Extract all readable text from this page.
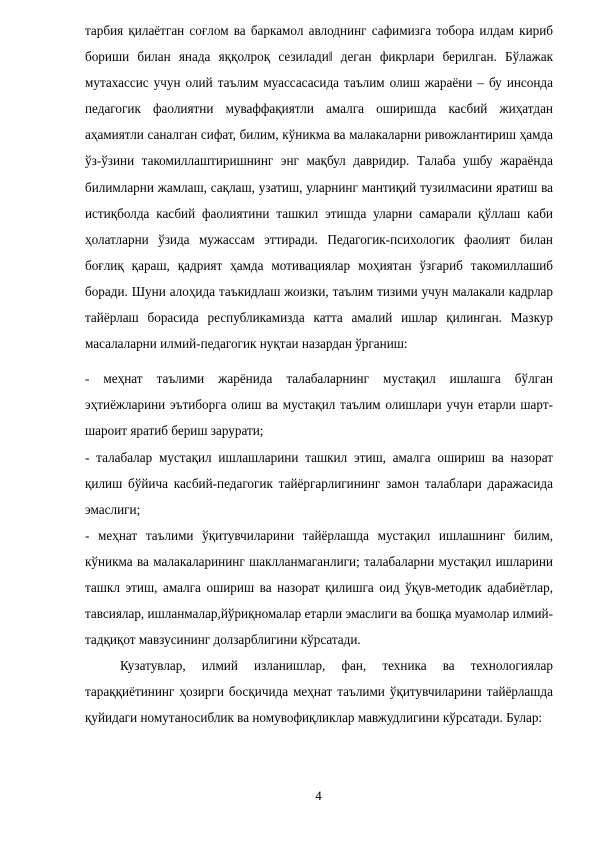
тарбия қилаётган соғлом ва баркамол авлоднинг сафимизга тобора илдам кириб бориши билан янада яққолроқ сезилади‖ деган фикрлари берилган. Бўлажак мутахассис учун олий таълим муассасасида таълим олиш жараёни – бу инсонда педагогик фаолиятни муваффақиятли амалга оширишда касбий жиҳатдан аҳамиятли саналган сифат, билим, кўникма ва малакаларни ривожлантириш ҳамда ўз-ўзини такомиллаштиришнинг энг мақбул давридир. Талаба ушбу жараёнда билимларни жамлаш, сақлаш, узатиш, уларнинг мантиқий тузилмасини яратиш ва истиқболда касбий фаолиятини ташкил этишда уларни самарали қўллаш каби ҳолатларни ўзида мужассам эттиради. Педагогик-психологик фаолият билан боғлиқ қараш, қадрият ҳамда мотивациялар моҳиятан ўзгариб такомиллашиб боради. Шуни алоҳида таъкидлаш жоизки, таълим тизими учун малакали кадрлар тайёрлаш борасида республикамизда катта амалий ишлар қилинган. Мазкур масалаларни илмий-педагогик нуқтаи назардан ўрганиш:

- меҳнат таълими жарёнида талабаларнинг мустақил ишлашга бўлган эҳтиёжларини эътиборга олиш ва мустақил таълим олишлари учун етарли шарт-шароит яратиб бериш зарурати;

- талабалар мустақил ишлашларини ташкил этиш, амалга ошириш ва назорат қилиш бўйича касбий-педагогик тайёргарлигининг замон талаблари даражасида эмаслиги;

- меҳнат таълими ўқитувчиларини тайёрлашда мустақил ишлашнинг билим, кўникма ва малакаларининг шаклланмаганлиги; талабаларни мустақил ишларини ташкл этиш, амалга ошириш ва назорат қилишга оид ўқув-методик адабиётлар, тавсиялар, ишланмалар,йўриқномалар етарли эмаслиги ва бошқа муамолар илмий- тадқиқот мавзусининг долзарблигини кўрсатади.

Кузатувлар, илмий изланишлар, фан, техника ва технологиялар тараққиётининг ҳозирги босқичида меҳнат таълими ўқитувчиларини тайёрлашда қуйидаги номутаносиблик ва номувофиқликлар мавжудлигини кўрсатади. Булар:

4
